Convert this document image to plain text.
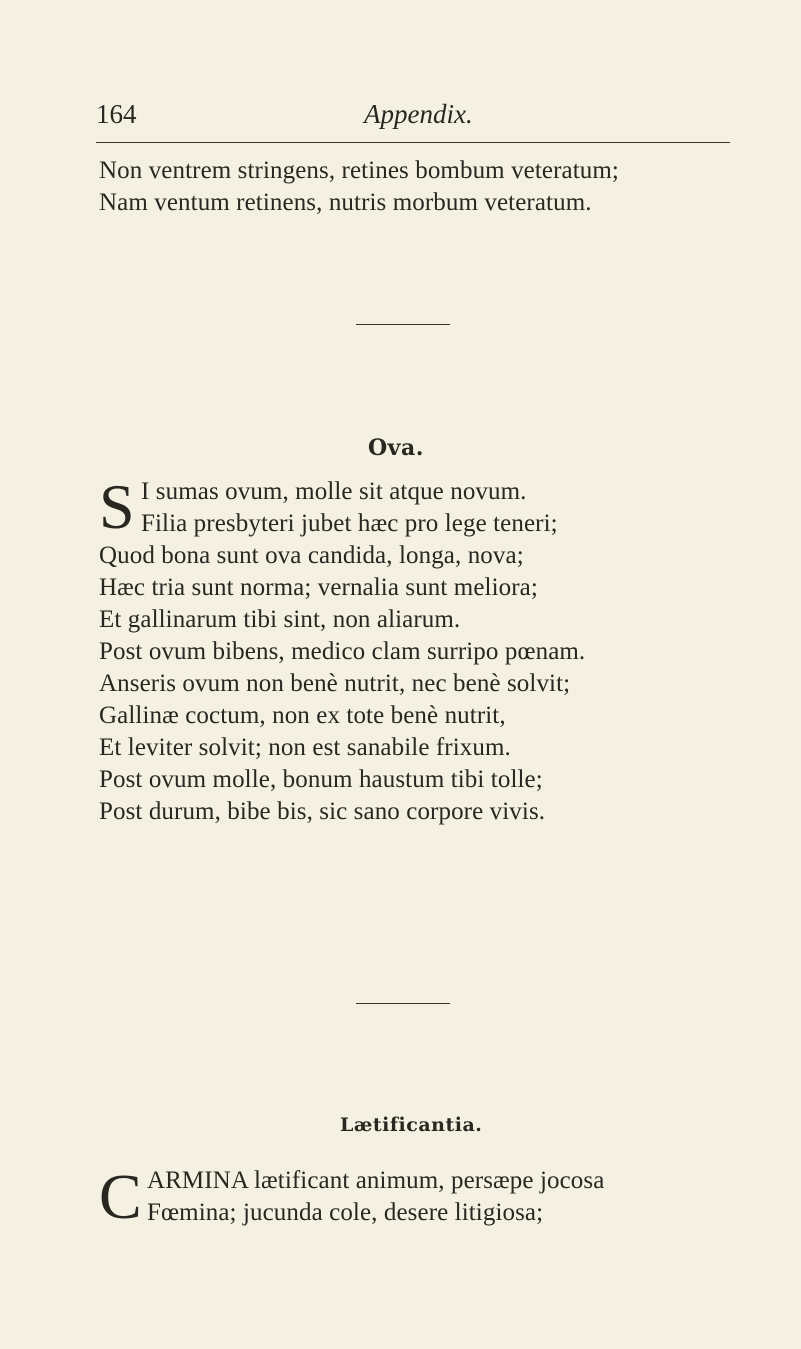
164	Appendix.
Non ventrem stringens, retines bombum veteratum;
Nam ventum retinens, nutris morbum veteratum.
Ova.
S I sumas ovum, molle sit atque novum.
Filia presbyteri jubet hæc pro lege teneri;
Quod bona sunt ova candida, longa, nova;
Hæc tria sunt norma; vernalia sunt meliora;
Et gallinarum tibi sint, non aliarum.
Post ovum bibens, medico clam surripo pœnam.
Anseris ovum non benè nutrit, nec benè solvit;
Gallinæ coctum, non ex tote benè nutrit,
Et leviter solvit; non est sanabile frixum.
Post ovum molle, bonum haustum tibi tolle;
Post durum, bibe bis, sic sano corpore vivis.
Lætificantia.
C ARMINA lætificant animum, persæpe jocosa
Fœmina; jucunda cole, desere litigiosa;
